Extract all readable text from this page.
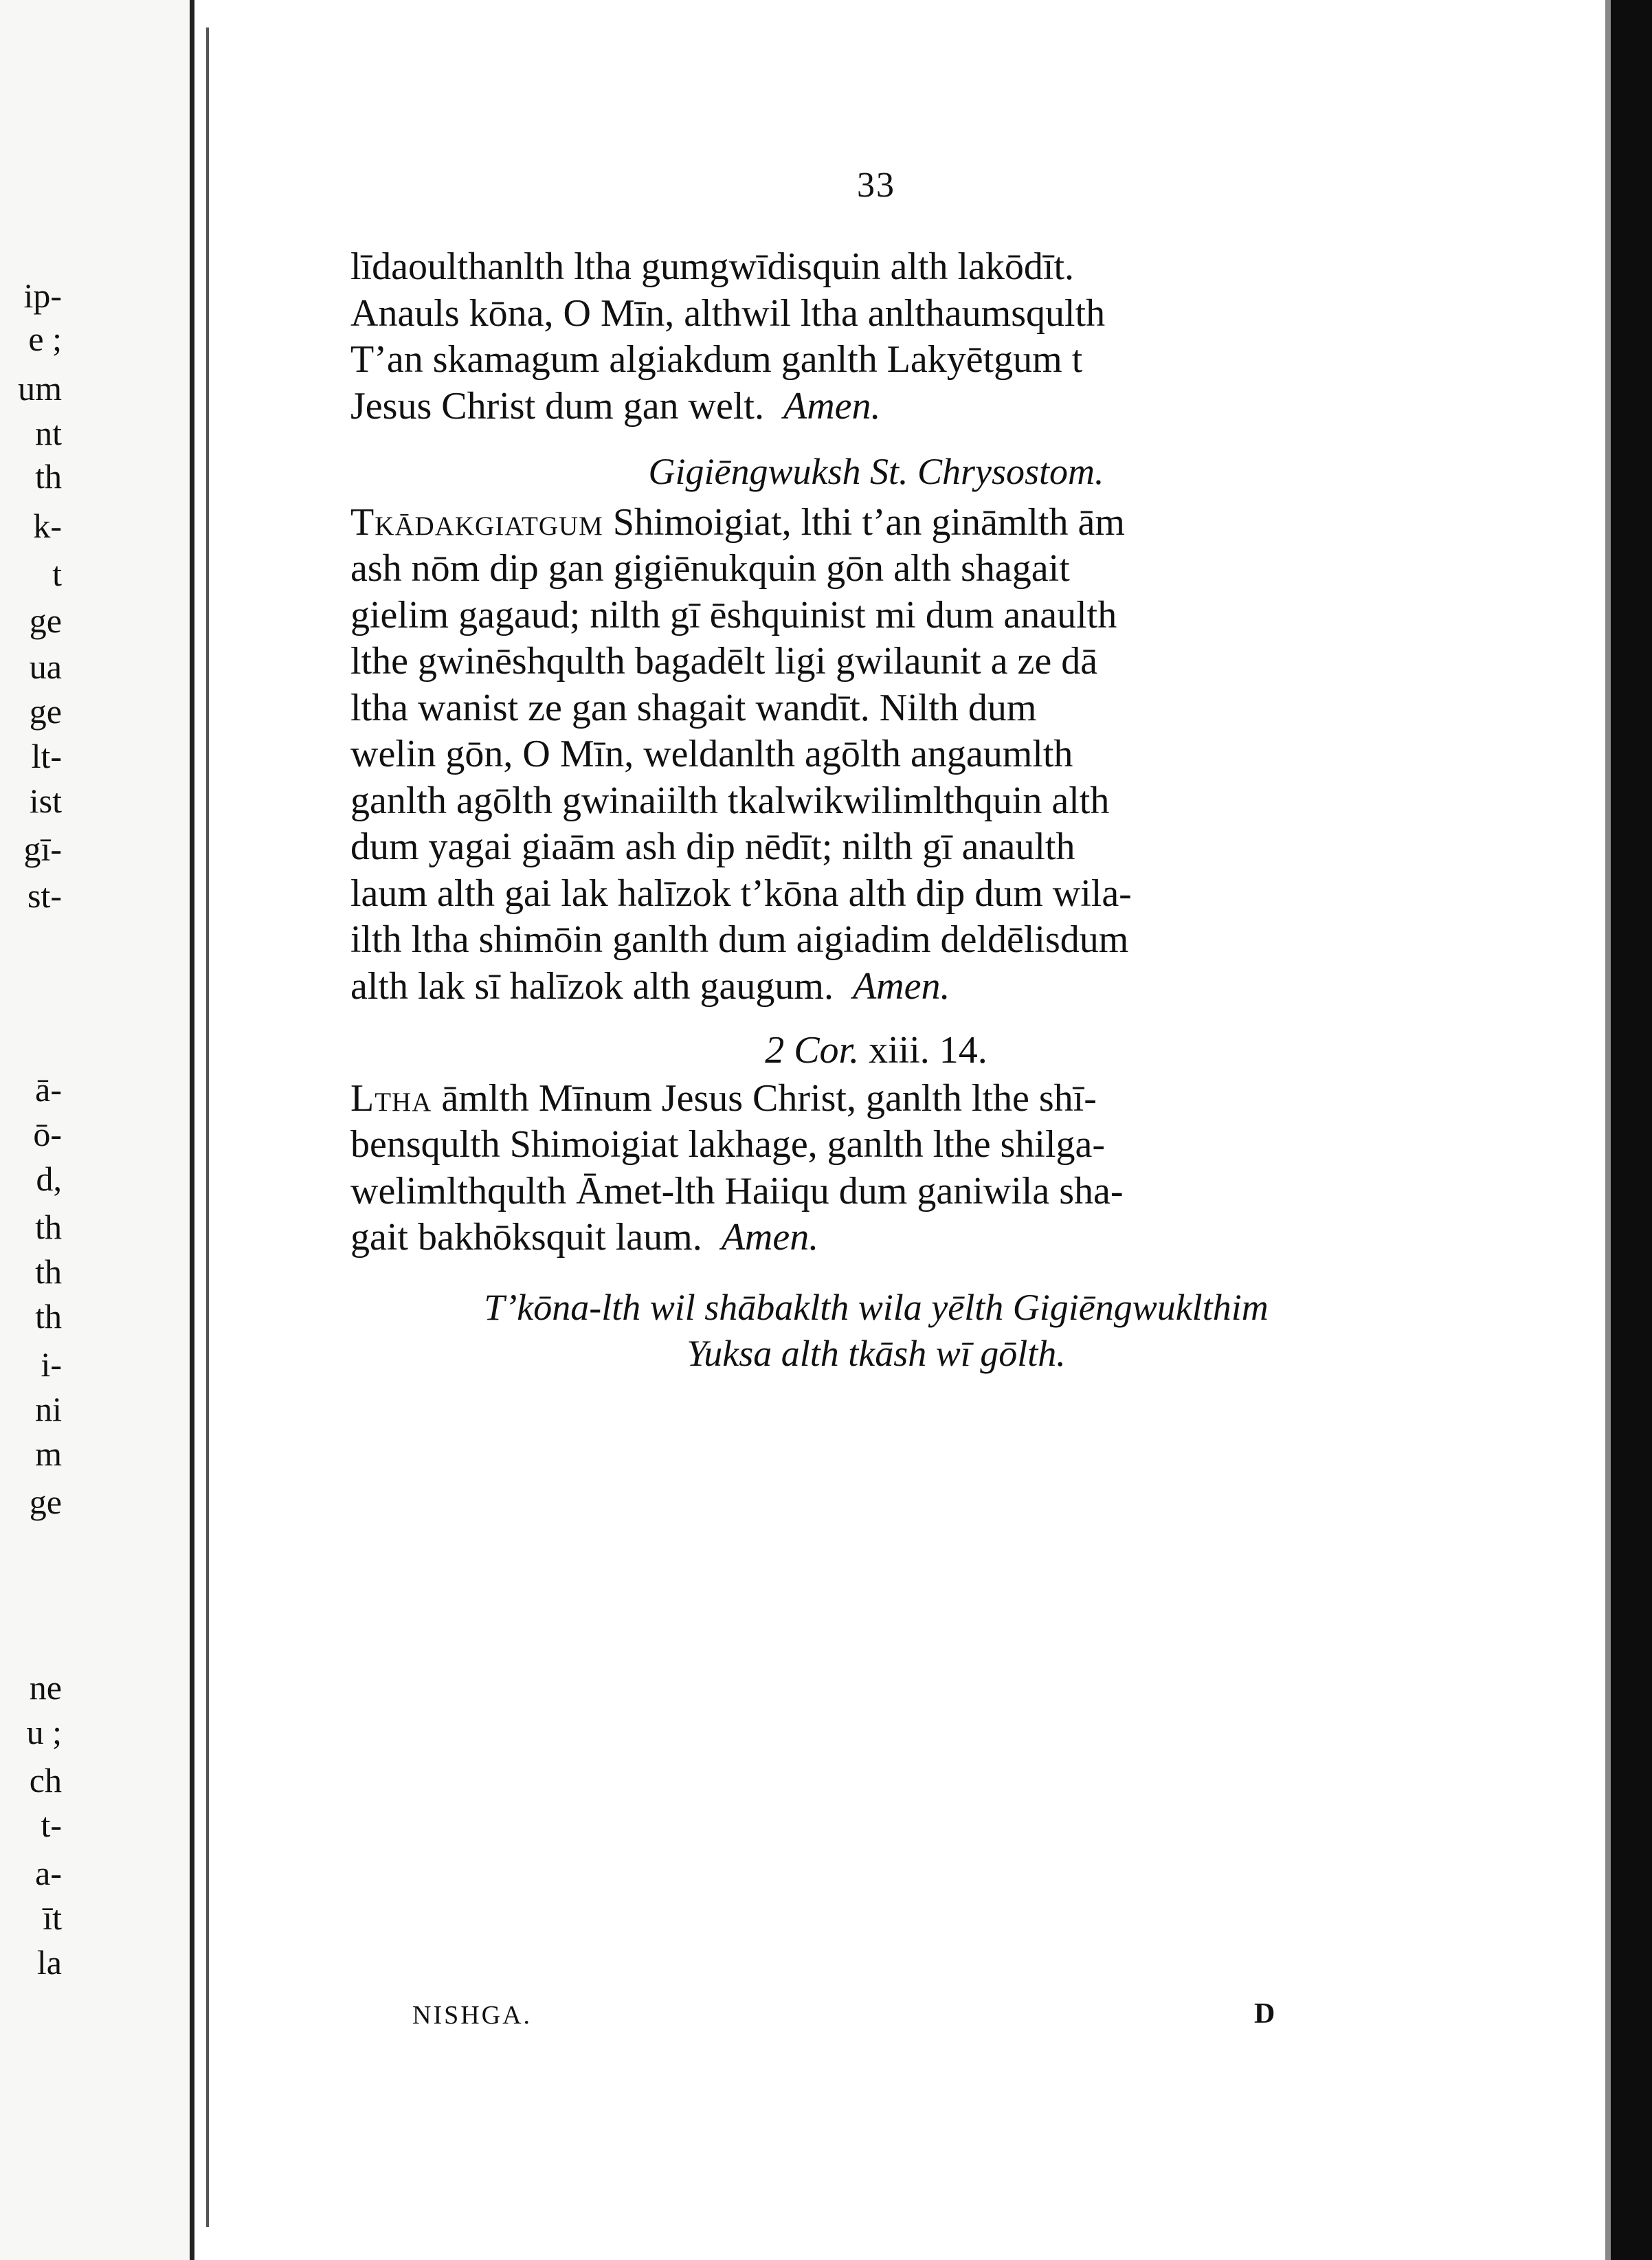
ip-
e ;
um
nt
th
k-
t
ge
ua
ge
lt-
ist
gī-
st-
ā-
ō-
d,
th
th
th
i-
ni
m
ge
ne
u ;
ch
t-
a-
īt
la
33

līdaoulthanlth ltha gumgwīdisquin alth lakōdīt.
Anauls kōna, O Mīn, althwil ltha anlthaumsqulth
T’an skamagum algiakdum ganlth Lakyētgum t
Jesus Christ dum gan welt. Amen.

Gigiēngwuksh St. Chrysostom.

Tkādakgiatgum Shimoigiat, lthi t’an gināmlth ām
ash nōm dip gan gigiēnukquin gōn alth shagait
gielim gagaud; nilth gī ēshquinist mi dum anaulth
lthe gwinēshqulth bagadēlt ligi gwilaunit a ze dā
ltha wanist ze gan shagait wandīt. Nilth dum
welin gōn, O Mīn, weldanlth agōlth angaumlth
ganlth agōlth gwinaiilth tkalwikwilimlthquin alth
dum yagai giaām ash dip nēdīt; nilth gī anaulth
laum alth gai lak halīzok t’kōna alth dip dum wila-
ilth ltha shimōin ganlth dum aigiadim deldēlisdum
alth lak sī halīzok alth gaugum. Amen.

2 Cor. xiii. 14.

Ltha āmlth Mīnum Jesus Christ, ganlth lthe shī-
bensqulth Shimoigiat lakhage, ganlth lthe shilga-
welimlthqulth Āmet-lth Haiiqu dum ganiwila sha-
gait bakhōksquit laum. Amen.

T’kōna-lth wil shābaklth wila yēlth Gigiēngwuklthim
Yuksa alth tkāsh wī gōlth.
NISHGA.	D
